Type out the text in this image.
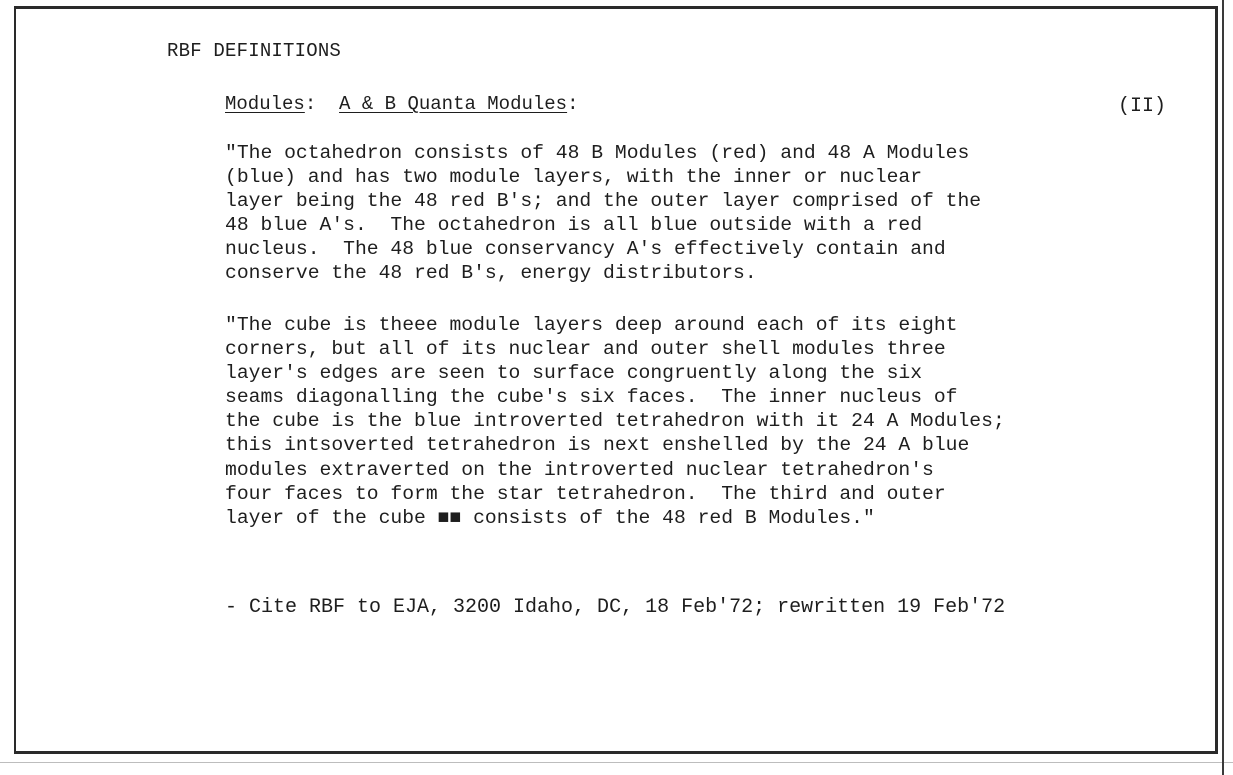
RBF DEFINITIONS
Modules:  A & B Quanta Modules:	(II)
"The octahedron consists of 48 B Modules (red) and 48 A Modules
(blue) and has two module layers, with the inner or nuclear
layer being the 48 red B's; and the outer layer comprised of the
48 blue A's.  The octahedron is all blue outside with a red
nucleus.  The 48 blue conservancy A's effectively contain and
conserve the 48 red B's, energy distributors.
"The cube is theee module layers deep around each of its eight
corners, but all of its nuclear and outer shell modules three
layer's edges are seen to surface congruently along the six
seams diagonalling the cube's six faces.  The inner nucleus of
the cube is the blue introverted tetrahedron with it 24 A Modules;
this intsoverted tetrahedron is next enshelled by the 24 A blue
modules extraverted on the introverted nuclear tetrahedron's
four faces to form the star tetrahedron.  The third and outer
layer of the cube ■■ consists of the 48 red B Modules."
- Cite RBF to EJA, 3200 Idaho, DC, 18 Feb'72; rewritten 19 Feb'72
